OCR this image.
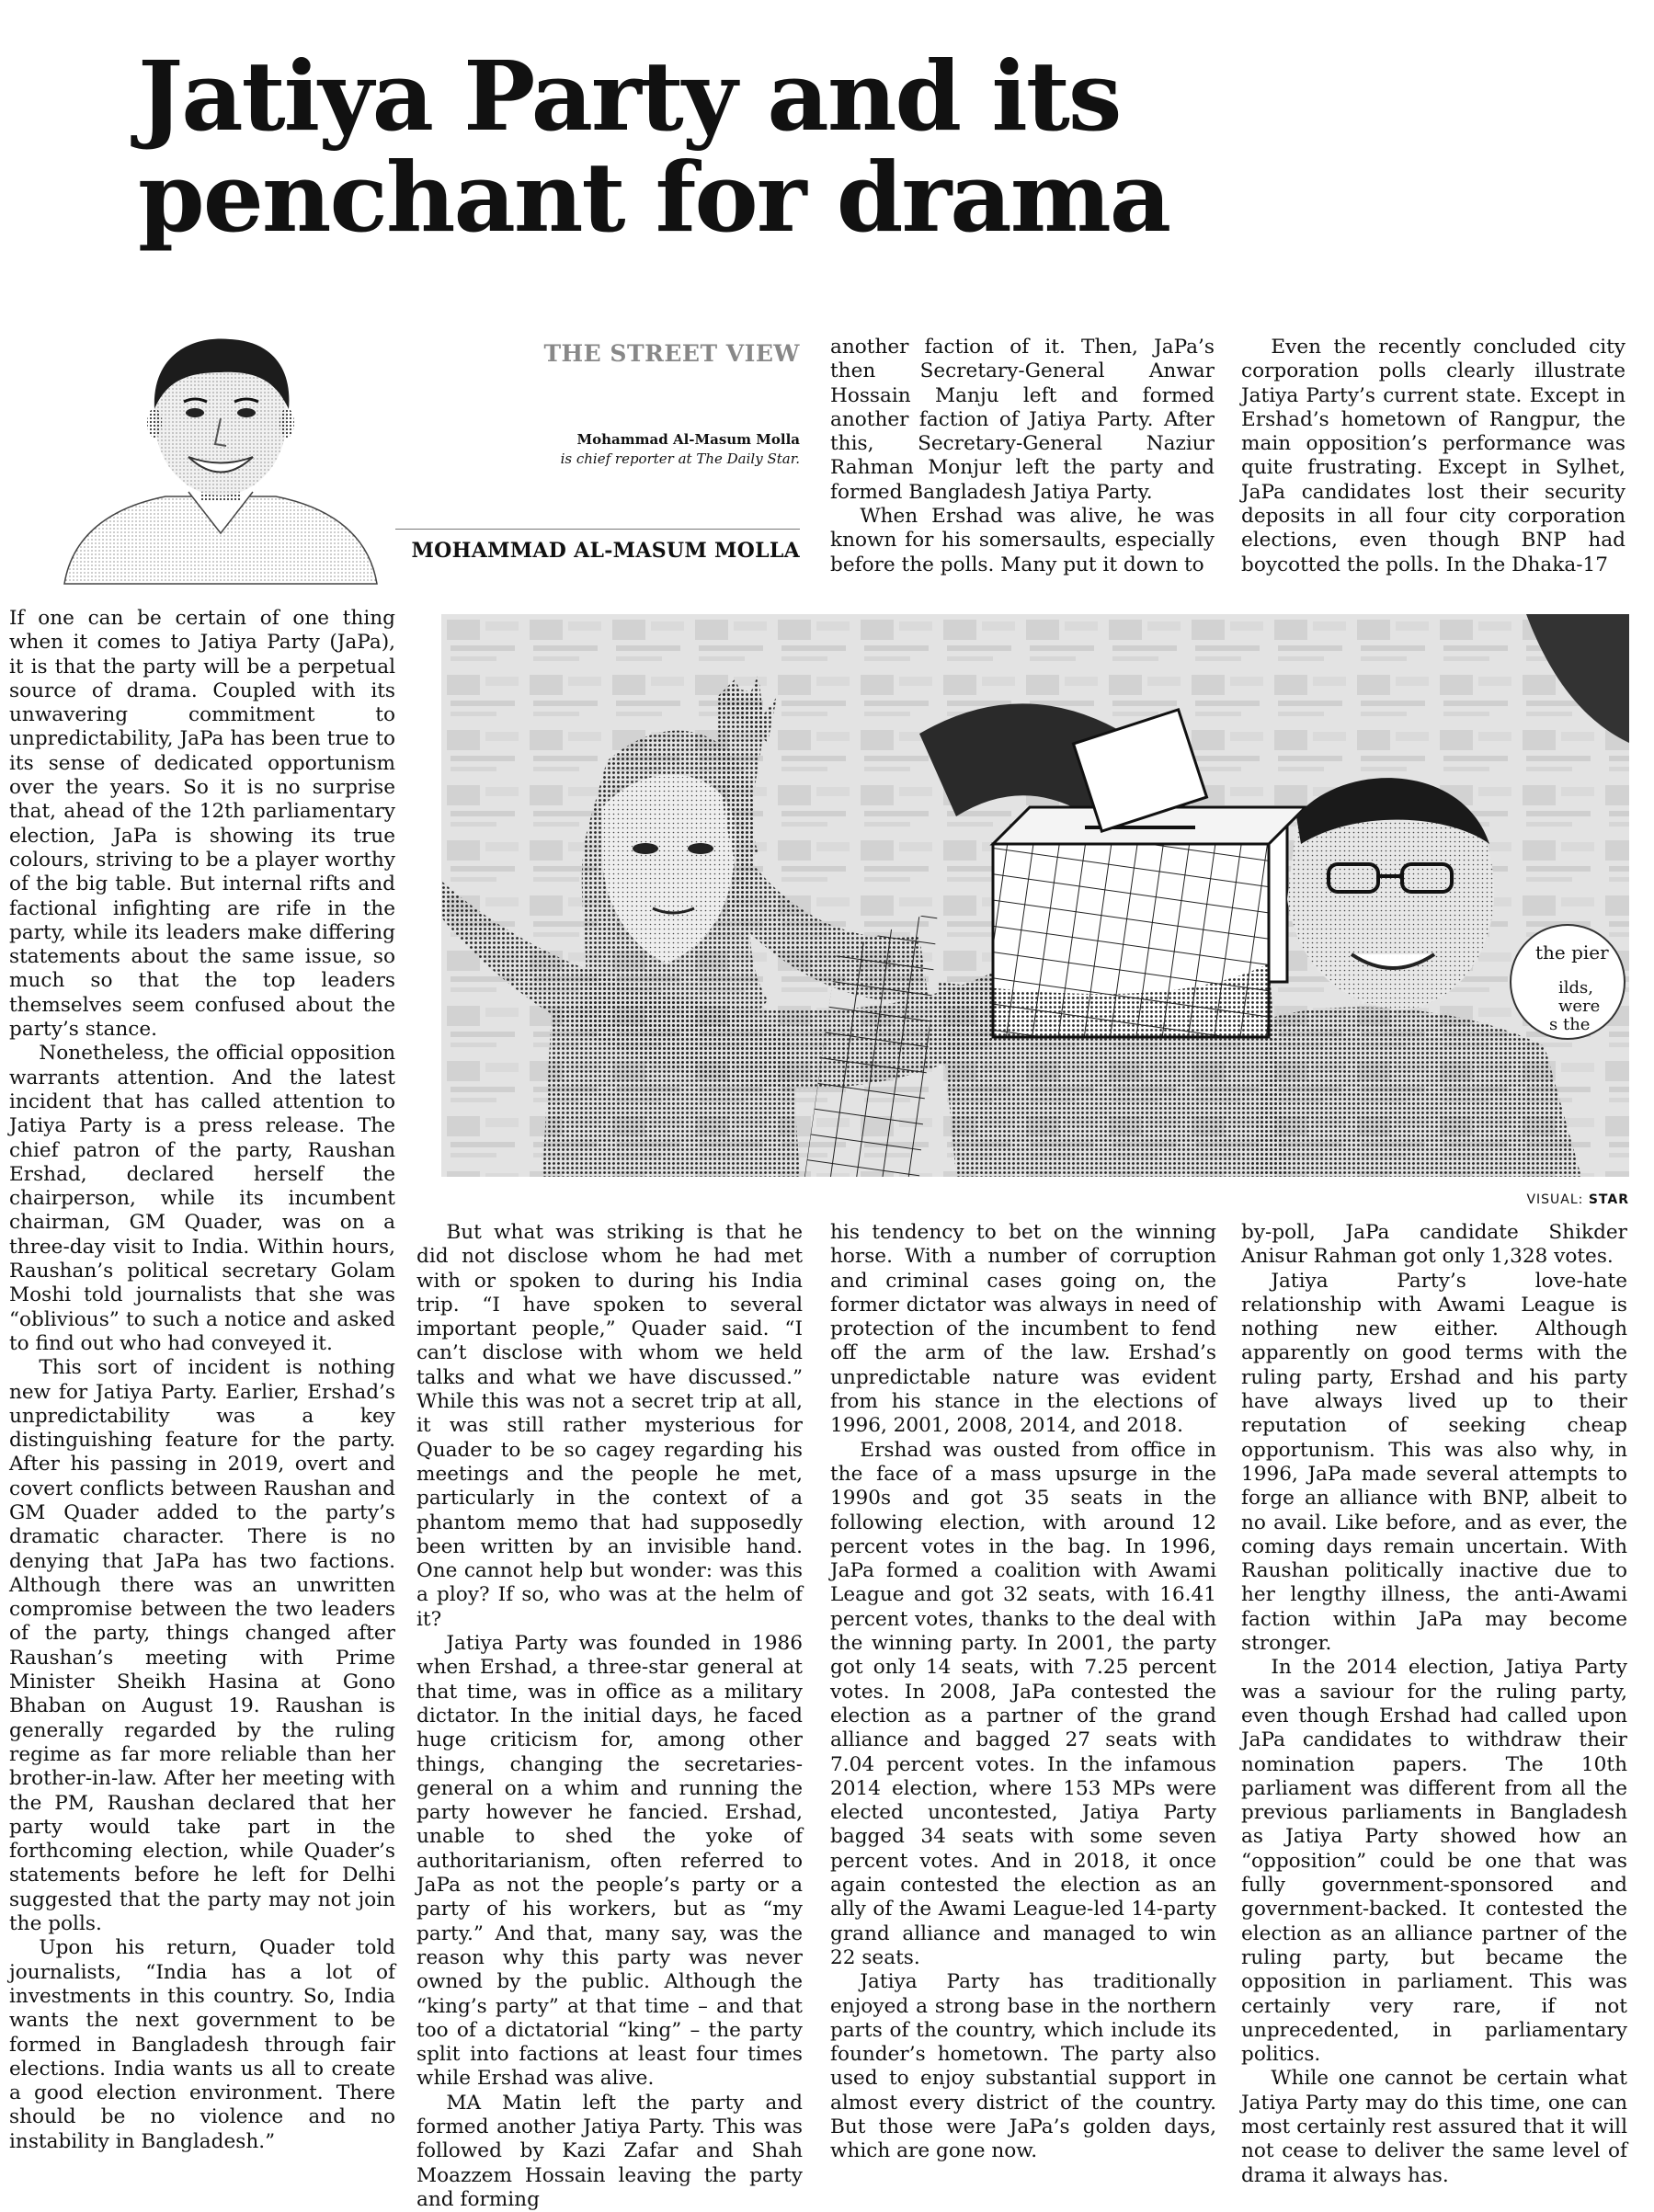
Jatiya Party and its
penchant for drama
THE STREET VIEW
Mohammad Al-Masum Molla
is chief reporter at The Daily Star.
MOHAMMAD AL-MASUM MOLLA

If one can be certain of one thing when it comes to Jatiya Party (JaPa), it is that the party will be a perpetual source of drama. Coupled with its unwavering commitment to unpredictability, JaPa has been true to its sense of dedicated opportunism over the years. So it is no surprise that, ahead of the 12th parliamentary election, JaPa is showing its true colours, striving to be a player worthy of the big table. But internal rifts and factional infighting are rife in the party, while its leaders make differing statements about the same issue, so much so that the top leaders themselves seem confused about the party’s stance.

Nonetheless, the official opposition warrants attention. And the latest incident that has called attention to Jatiya Party is a press release. The chief patron of the party, Raushan Ershad, declared herself the chairperson, while its incumbent chairman, GM Quader, was on a three-day visit to India. Within hours, Raushan’s political secretary Golam Moshi told journalists that she was “oblivious” to such a notice and asked to find out who had conveyed it.

This sort of incident is nothing new for Jatiya Party. Earlier, Ershad’s unpredictability was a key distinguishing feature for the party. After his passing in 2019, overt and covert conflicts between Raushan and GM Quader added to the party’s dramatic character. There is no denying that JaPa has two factions. Although there was an unwritten compromise between the two leaders of the party, things changed after Raushan’s meeting with Prime Minister Sheikh Hasina at Gono Bhaban on August 19. Raushan is generally regarded by the ruling regime as far more reliable than her brother-in-law. After her meeting with the PM, Raushan declared that her party would take part in the forthcoming election, while Quader’s statements before he left for Delhi suggested that the party may not join the polls.

Upon his return, Quader told journalists, “India has a lot of investments in this country. So, India wants the next government to be formed in Bangladesh through fair elections. India wants us all to create a good election environment. There should be no violence and no instability in Bangladesh.”

another faction of it. Then, JaPa’s then Secretary-General Anwar Hossain Manju left and formed another faction of Jatiya Party. After this, Secretary-General Naziur Rahman Monjur left the party and formed Bangladesh Jatiya Party.

When Ershad was alive, he was known for his somersaults, especially before the polls. Many put it down to

Even the recently concluded city corporation polls clearly illustrate Jatiya Party’s current state. Except in Ershad’s hometown of Rangpur, the main opposition’s performance was quite frustrating. Except in Sylhet, JaPa candidates lost their security deposits in all four city corporation elections, even though BNP had boycotted the polls. In the Dhaka-17

the pier
ilds,
were
s the
VISUAL: STAR

But what was striking is that he did not disclose whom he had met with or spoken to during his India trip. “I have spoken to several important people,” Quader said. “I can’t disclose with whom we held talks and what we have discussed.” While this was not a secret trip at all, it was still rather mysterious for Quader to be so cagey regarding his meetings and the people he met, particularly in the context of a phantom memo that had supposedly been written by an invisible hand. One cannot help but wonder: was this a ploy? If so, who was at the helm of it?

Jatiya Party was founded in 1986 when Ershad, a three-star general at that time, was in office as a military dictator. In the initial days, he faced huge criticism for, among other things, changing the secretaries-general on a whim and running the party however he fancied. Ershad, unable to shed the yoke of authoritarianism, often referred to JaPa as not the people’s party or a party of his workers, but as “my party.” And that, many say, was the reason why this party was never owned by the public. Although the “king’s party” at that time – and that too of a dictatorial “king” – the party split into factions at least four times while Ershad was alive.

MA Matin left the party and formed another Jatiya Party. This was followed by Kazi Zafar and Shah Moazzem Hossain leaving the party and forming

his tendency to bet on the winning horse. With a number of corruption and criminal cases going on, the former dictator was always in need of protection of the incumbent to fend off the arm of the law. Ershad’s unpredictable nature was evident from his stance in the elections of 1996, 2001, 2008, 2014, and 2018.

Ershad was ousted from office in the face of a mass upsurge in the 1990s and got 35 seats in the following election, with around 12 percent votes in the bag. In 1996, JaPa formed a coalition with Awami League and got 32 seats, with 16.41 percent votes, thanks to the deal with the winning party. In 2001, the party got only 14 seats, with 7.25 percent votes. In 2008, JaPa contested the election as a partner of the grand alliance and bagged 27 seats with 7.04 percent votes. In the infamous 2014 election, where 153 MPs were elected uncontested, Jatiya Party bagged 34 seats with some seven percent votes. And in 2018, it once again contested the election as an ally of the Awami League-led 14-party grand alliance and managed to win 22 seats.

Jatiya Party has traditionally enjoyed a strong base in the northern parts of the country, which include its founder’s hometown. The party also used to enjoy substantial support in almost every district of the country. But those were JaPa’s golden days, which are gone now.

by-poll, JaPa candidate Shikder Anisur Rahman got only 1,328 votes.

Jatiya Party’s love-hate relationship with Awami League is nothing new either. Although apparently on good terms with the ruling party, Ershad and his party have always lived up to their reputation of seeking cheap opportunism. This was also why, in 1996, JaPa made several attempts to forge an alliance with BNP, albeit to no avail. Like before, and as ever, the coming days remain uncertain. With Raushan politically inactive due to her lengthy illness, the anti-Awami faction within JaPa may become stronger.

In the 2014 election, Jatiya Party was a saviour for the ruling party, even though Ershad had called upon JaPa candidates to withdraw their nomination papers. The 10th parliament was different from all the previous parliaments in Bangladesh as Jatiya Party showed how an “opposition” could be one that was fully government-sponsored and government-backed. It contested the election as an alliance partner of the ruling party, but became the opposition in parliament. This was certainly very rare, if not unprecedented, in parliamentary politics.

While one cannot be certain what Jatiya Party may do this time, one can most certainly rest assured that it will not cease to deliver the same level of drama it always has.
